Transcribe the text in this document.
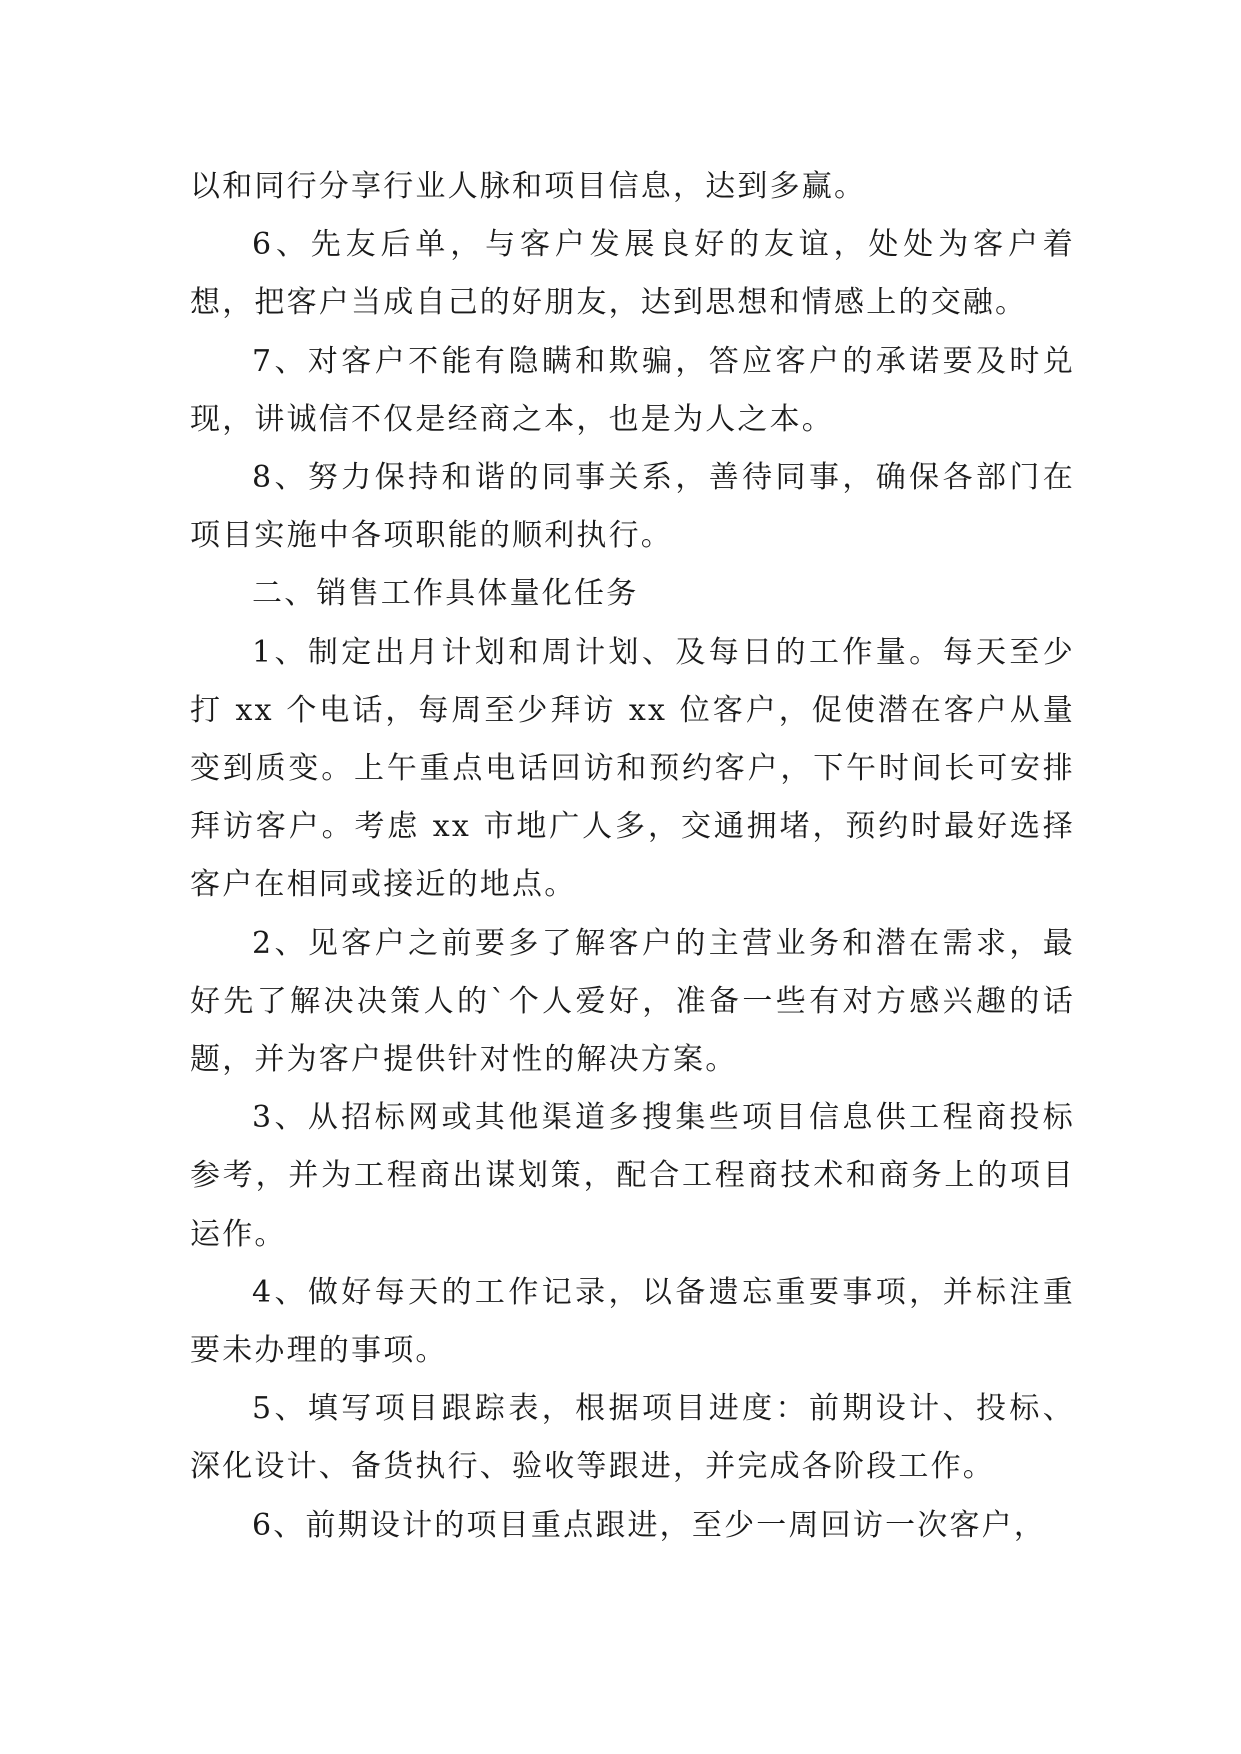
以和同行分享行业人脉和项目信息，达到多赢。

6、先友后单，与客户发展良好的友谊，处处为客户着想，把客户当成自己的好朋友，达到思想和情感上的交融。

7、对客户不能有隐瞒和欺骗，答应客户的承诺要及时兑现，讲诚信不仅是经商之本，也是为人之本。

8、努力保持和谐的同事关系，善待同事，确保各部门在项目实施中各项职能的顺利执行。

二、销售工作具体量化任务

1、制定出月计划和周计划、及每日的工作量。每天至少打 xx 个电话，每周至少拜访 xx 位客户，促使潜在客户从量变到质变。上午重点电话回访和预约客户，下午时间长可安排拜访客户。考虑 xx 市地广人多，交通拥堵，预约时最好选择客户在相同或接近的地点。

2、见客户之前要多了解客户的主营业务和潜在需求，最好先了解决决策人的`个人爱好，准备一些有对方感兴趣的话题，并为客户提供针对性的解决方案。

3、从招标网或其他渠道多搜集些项目信息供工程商投标参考，并为工程商出谋划策，配合工程商技术和商务上的项目运作。

4、做好每天的工作记录，以备遗忘重要事项，并标注重要未办理的事项。

5、填写项目跟踪表，根据项目进度：前期设计、投标、深化设计、备货执行、验收等跟进，并完成各阶段工作。

6、前期设计的项目重点跟进，至少一周回访一次客户，
